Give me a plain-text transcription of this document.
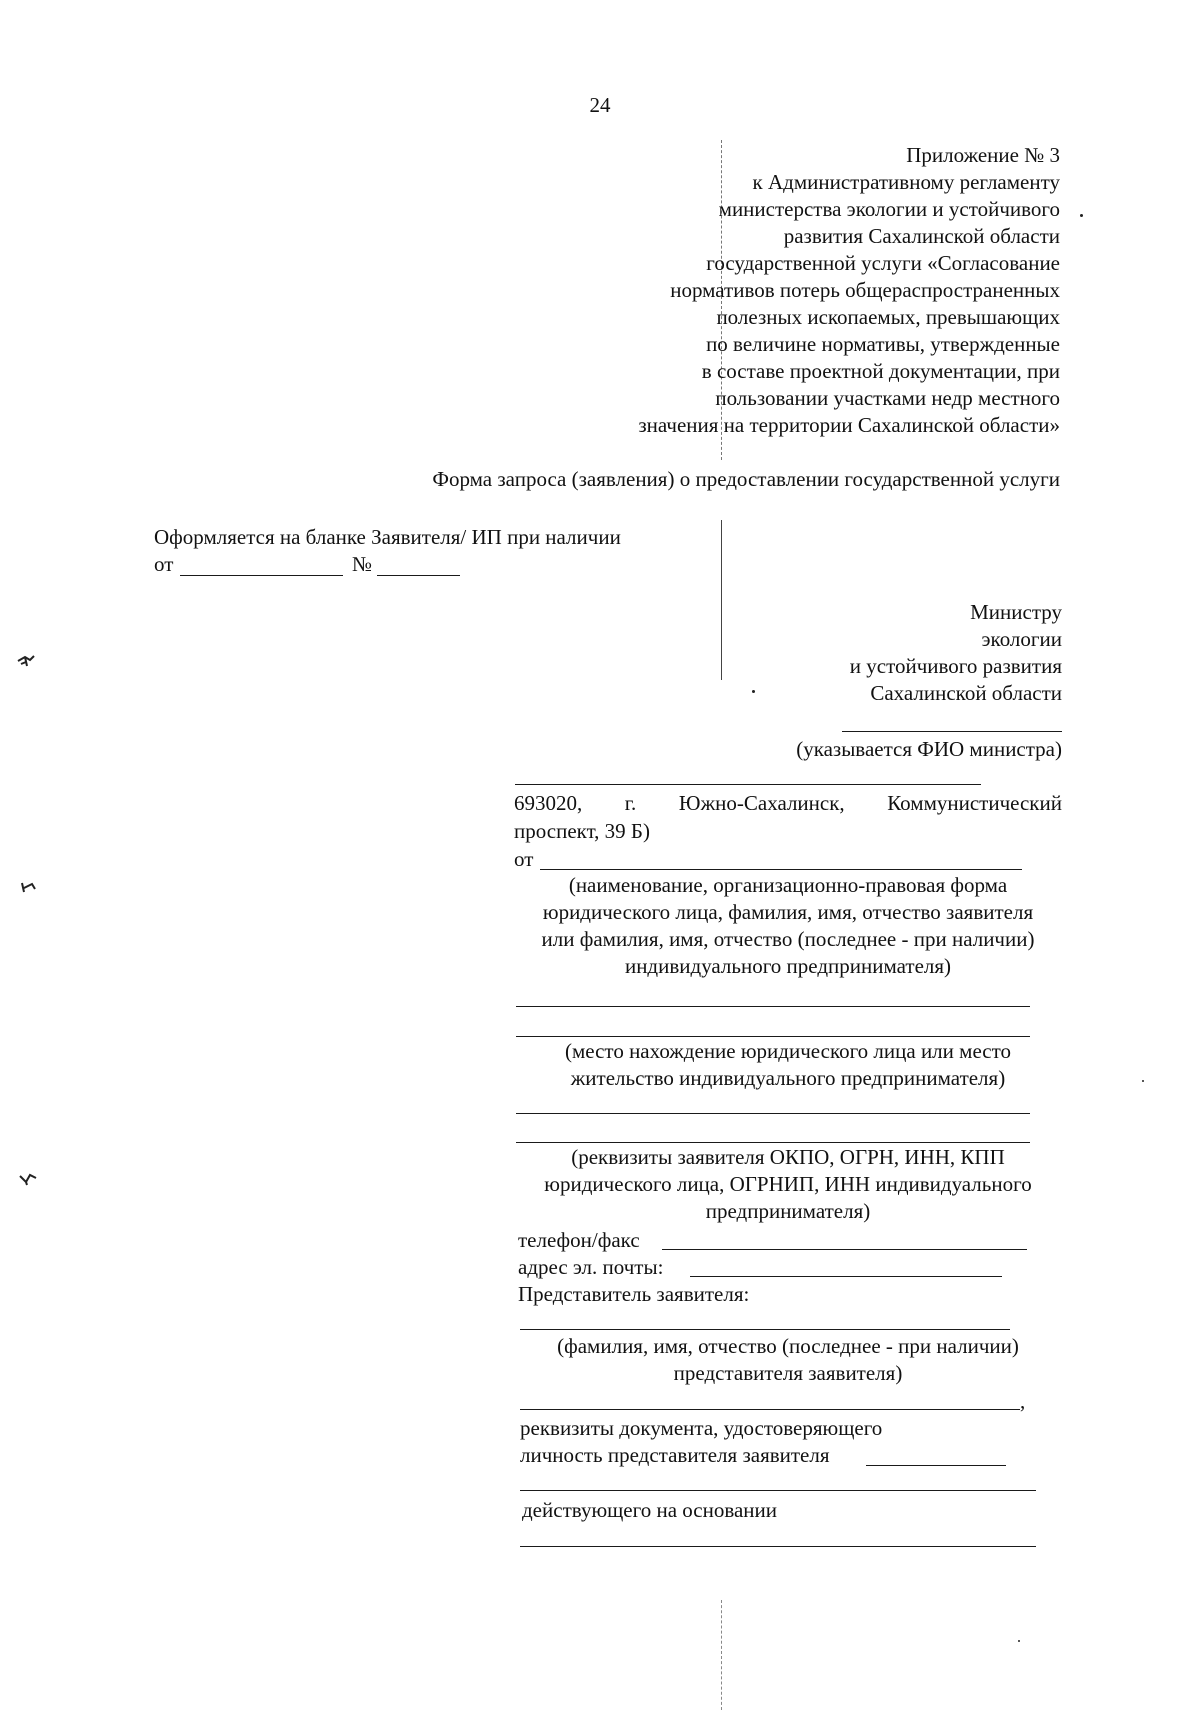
24
Приложение № 3
к Административному регламенту
министерства экологии и устойчивого
развития Сахалинской области
государственной услуги «Согласование
нормативов потерь общераспространенных
полезных ископаемых, превышающих
по величине нормативы, утвержденные
в составе проектной документации, при
пользовании участками недр местного
значения на территории Сахалинской области»
Форма запроса (заявления) о предоставлении государственной услуги
Оформляется на бланке Заявителя/ ИП при наличии
от	№
Министру
экологии
и устойчивого развития
Сахалинской области
(указывается ФИО министра)
693020, г. Южно-Сахалинск, Коммунистический
проспект, 39 Б)
от
(наименование, организационно-правовая форма
юридического лица, фамилия, имя, отчество заявителя
или фамилия, имя, отчество (последнее - при наличии)
индивидуального предпринимателя)
(место нахождение юридического лица или место
жительство индивидуального предпринимателя)
(реквизиты заявителя ОКПО, ОГРН, ИНН, КПП
юридического лица, ОГРНИП, ИНН индивидуального
предпринимателя)
телефон/факс
адрес эл. почты:
Представитель заявителя:
(фамилия, имя, отчество (последнее - при наличии)
представителя заявителя)
,
реквизиты документа, удостоверяющего
личность представителя заявителя
действующего на основании
